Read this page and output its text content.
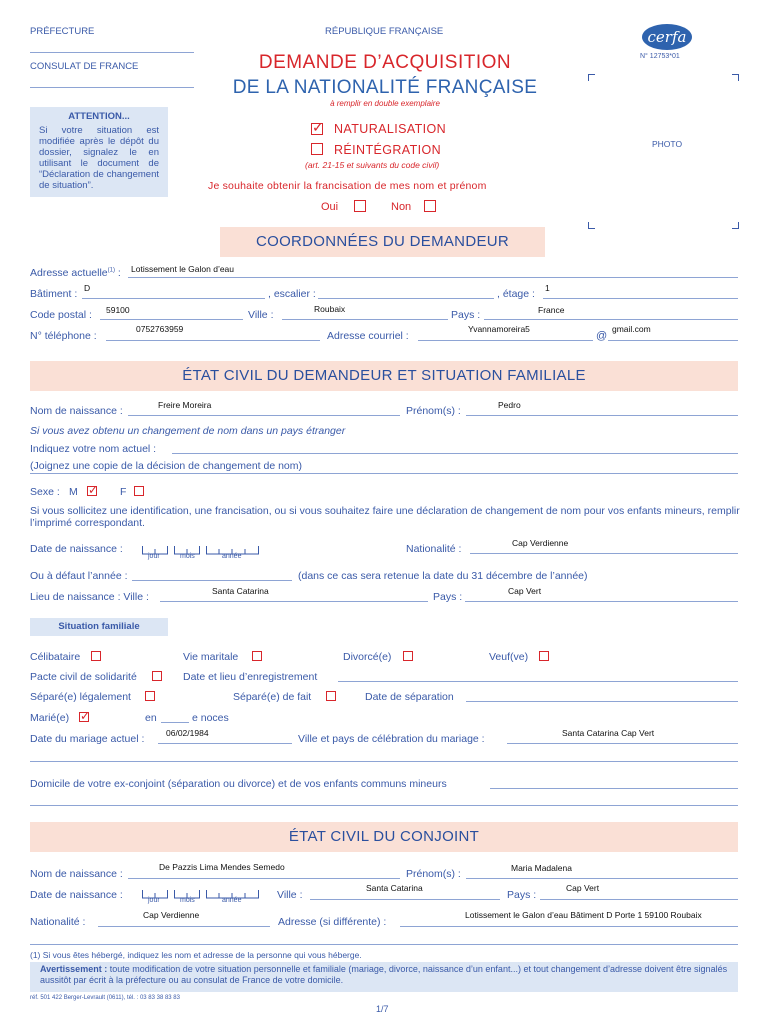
PRÉFECTURE
CONSULAT DE FRANCE
RÉPUBLIQUE FRANÇAISE	cerfa
N° 12753*01
DEMANDE D’ACQUISITION
DE LA NATIONALITÉ FRANÇAISE
à remplir en double exemplaire
PHOTO
ATTENTION...
Si votre situation est modifiée après le dépôt du dossier, signalez le en utilisant le document de “Déclaration de changement de situation”.
✓ NATURALISATION
RÉINTÉGRATION
(art. 21-15 et suivants du code civil)
Je souhaite obtenir la francisation de mes nom et prénom
Oui	Non
COORDONNÉES DU DEMANDEUR
Adresse actuelle$^{(1)}$ : Lotissement le Galon d’eau
Bâtiment : D	, escalier :	, étage : 1
Code postal : 59100	Ville :	Roubaix	Pays :	France
N° téléphone :
0752763959
Adresse courriel :
Yvannamoreira5
@
gmail.com
ÉTAT CIVIL DU DEMANDEUR ET SITUATION FAMILIALE
Nom de naissance :	Freire Moreira	Prénom(s) :	Pedro
Si vous avez obtenu un changement de nom dans un pays étranger
Indiquez votre nom actuel :
(Joignez une copie de la décision de changement de nom)
Sexe : M ✓ F
Si vous sollicitez une identification, une francisation, ou si vous souhaitez faire une déclaration de changement de nom pour vos enfants mineurs, remplir l’imprimé correspondant.
Date de naissance :
jour	mois	année
Nationalité :	Cap Verdienne
Ou à défaut l’année :	(dans ce cas sera retenue la date du 31 décembre de l’année)
Lieu de naissance : Ville :	Santa Catarina	Pays :	Cap Vert
Situation familiale
Célibataire	Vie maritale	Divorcé(e)	Veuf(ve)
Pacte civil de solidarité	Date et lieu d’enregistrement
Séparé(e) légalement	Séparé(e) de fait	Date de séparation
Marié(e) ✓	en	e noces
Date du mariage actuel :	06/02/1984	Ville et pays de célébration du mariage :	Santa Catarina Cap Vert
Domicile de votre ex-conjoint (séparation ou divorce) et de vos enfants communs mineurs
ÉTAT CIVIL DU CONJOINT
Nom de naissance :
De Pazzis Lima Mendes Semedo
Prénom(s) :	Maria Madalena
Date de naissance :	jour	mois	année	Ville :
Santa Catarina
Pays :
Cap Vert
Nationalité :
Cap Verdienne
Adresse (si différente) :
Lotissement le Galon d’eau Bâtiment D Porte 1 59100 Roubaix
(1) Si vous êtes hébergé, indiquez les nom et adresse de la personne qui vous héberge.
Avertissement : toute modification de votre situation personnelle et familiale (mariage, divorce, naissance d’un enfant...) et tout changement d’adresse doivent être signalés aussitôt par écrit à la préfecture ou au consulat de France de votre domicile.
réf. 501 422 Berger-Levrault (0611), tél. : 03 83 38 83 83
1/7
